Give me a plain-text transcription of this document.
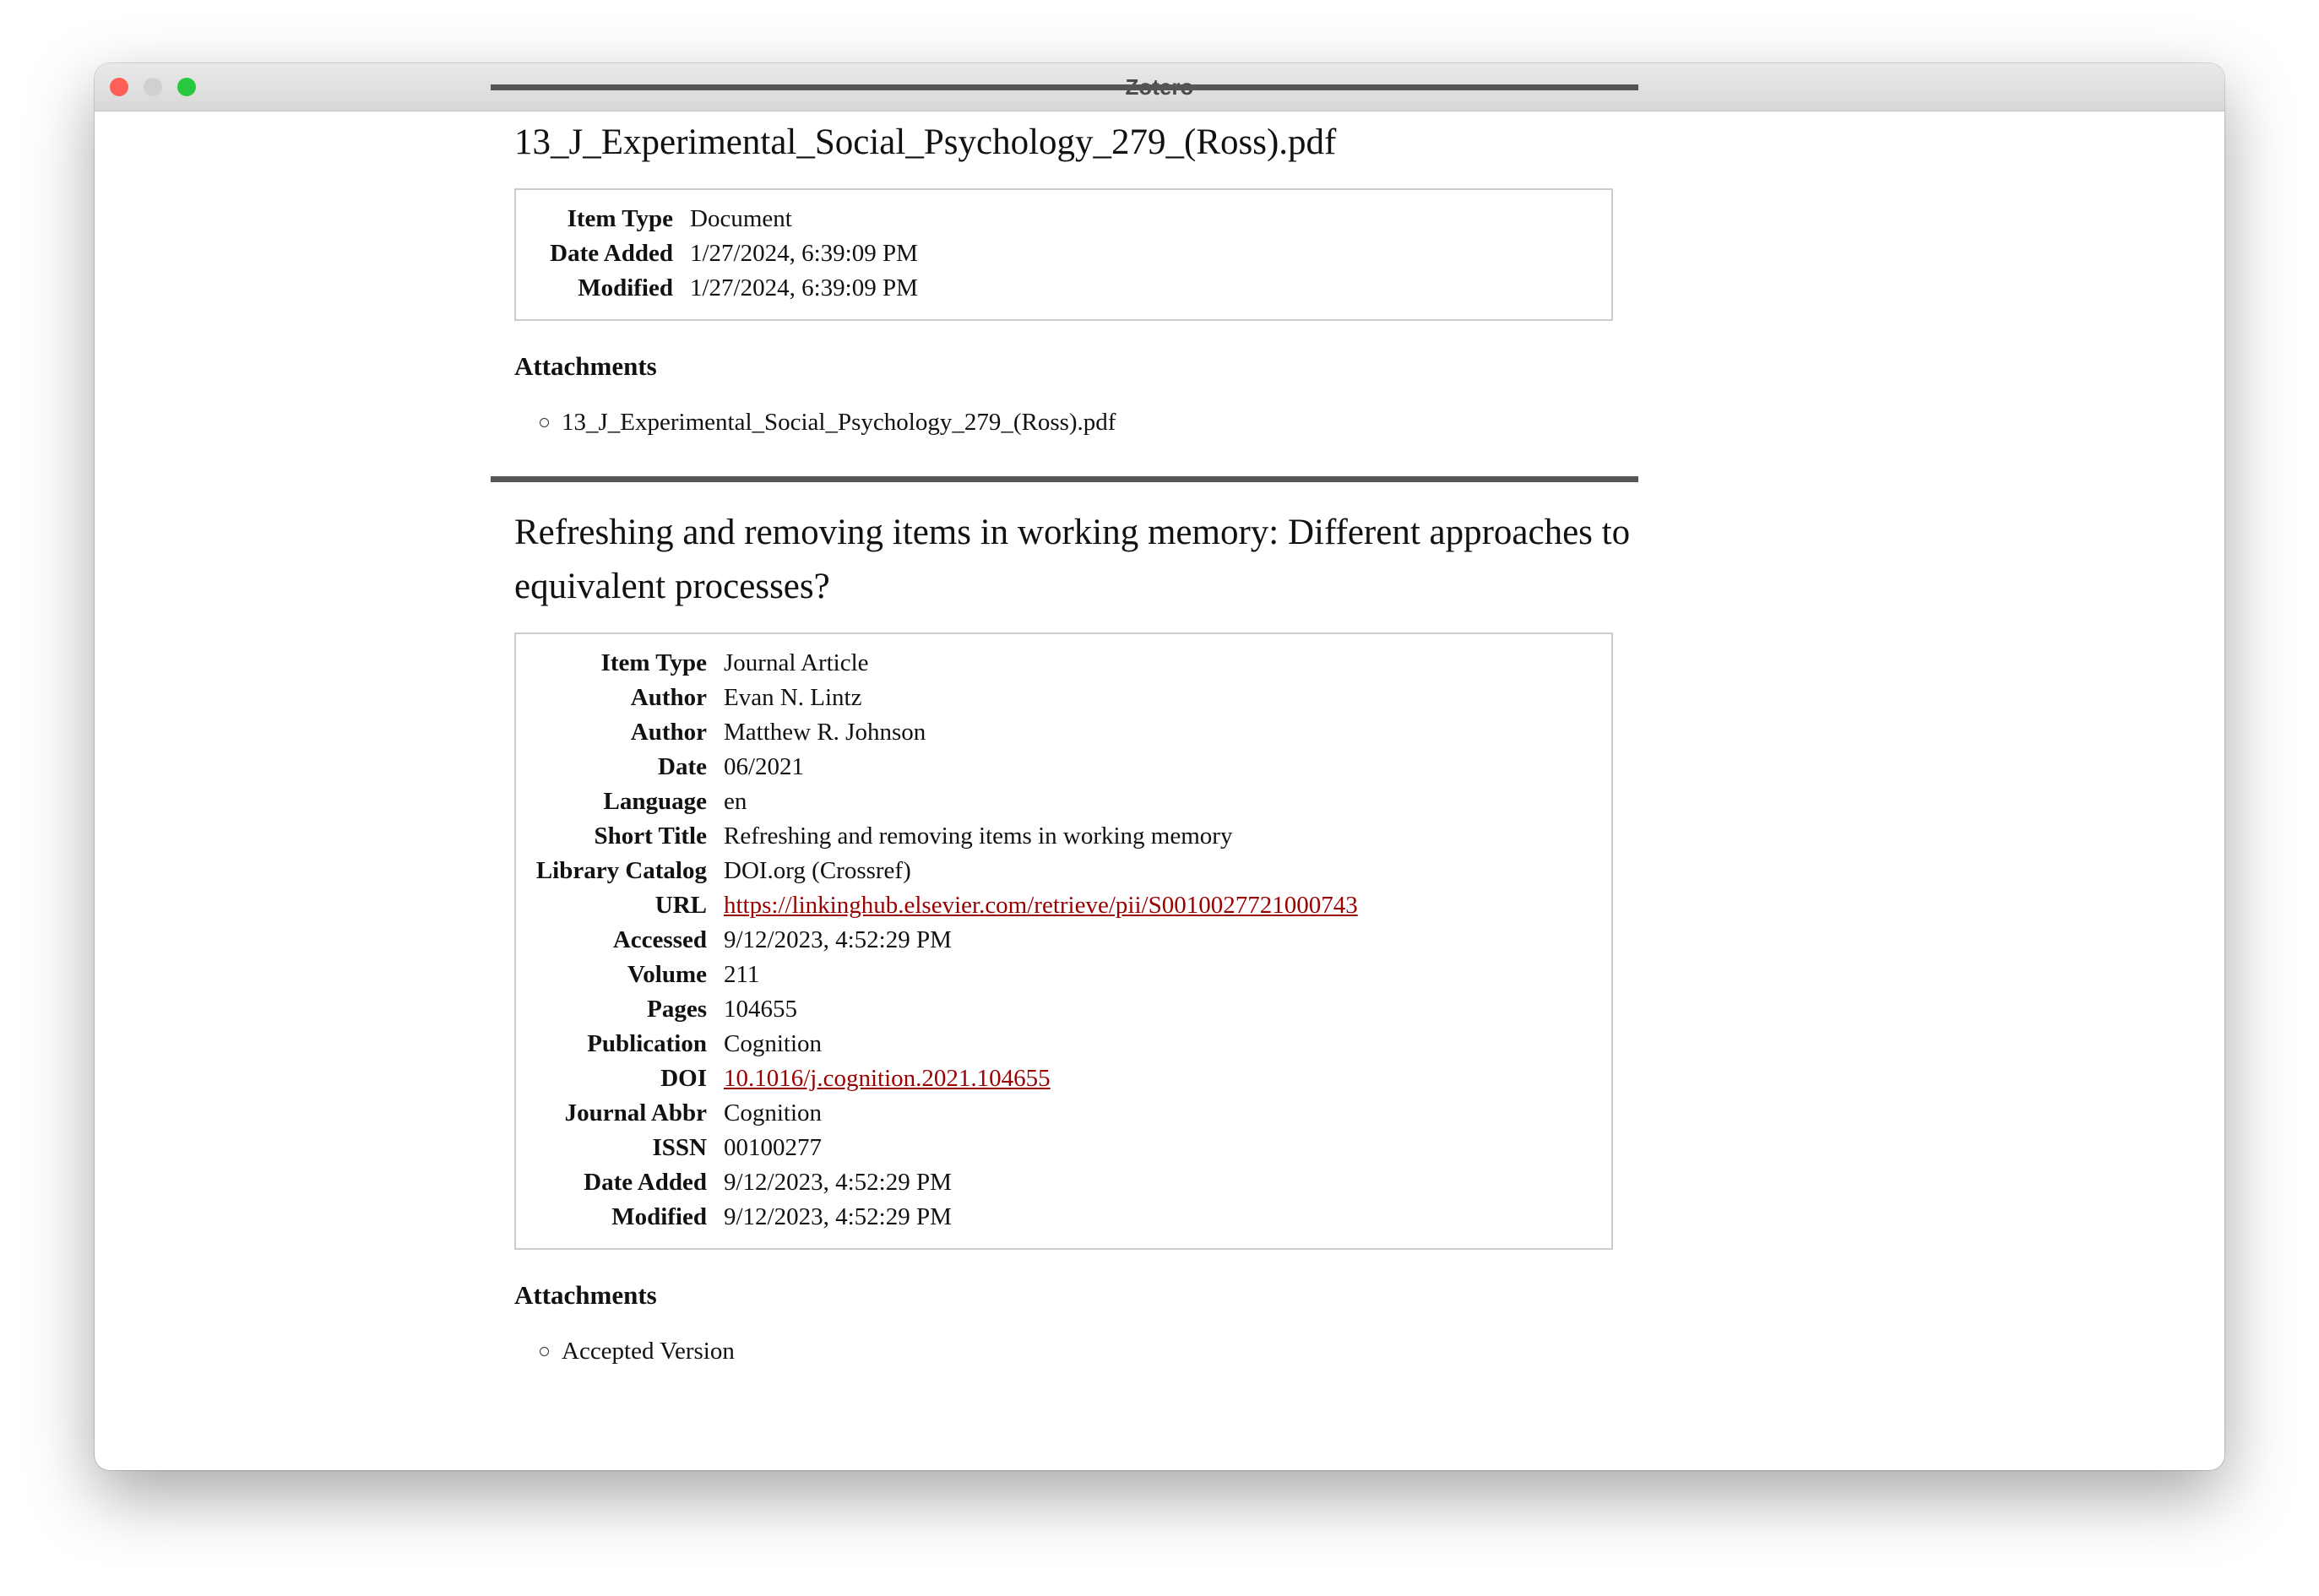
13_J_Experimental_Social_Psychology_279_(Ross).pdf
Item Type	Document
Date Added	1/27/2024, 6:39:09 PM
Modified	1/27/2024, 6:39:09 PM
Attachments
13_J_Experimental_Social_Psychology_279_(Ross).pdf
Refreshing and removing items in working memory: Different approaches to equivalent processes?
Item Type	Journal Article
Author	Evan N. Lintz
Author	Matthew R. Johnson
Date	06/2021
Language	en
Short Title	Refreshing and removing items in working memory
Library Catalog	DOI.org (Crossref)
URL	https://linkinghub.elsevier.com/retrieve/pii/S0010027721000743
Accessed	9/12/2023, 4:52:29 PM
Volume	211
Pages	104655
Publication	Cognition
DOI	10.1016/j.cognition.2021.104655
Journal Abbr	Cognition
ISSN	00100277
Date Added	9/12/2023, 4:52:29 PM
Modified	9/12/2023, 4:52:29 PM
Attachments
Accepted Version
